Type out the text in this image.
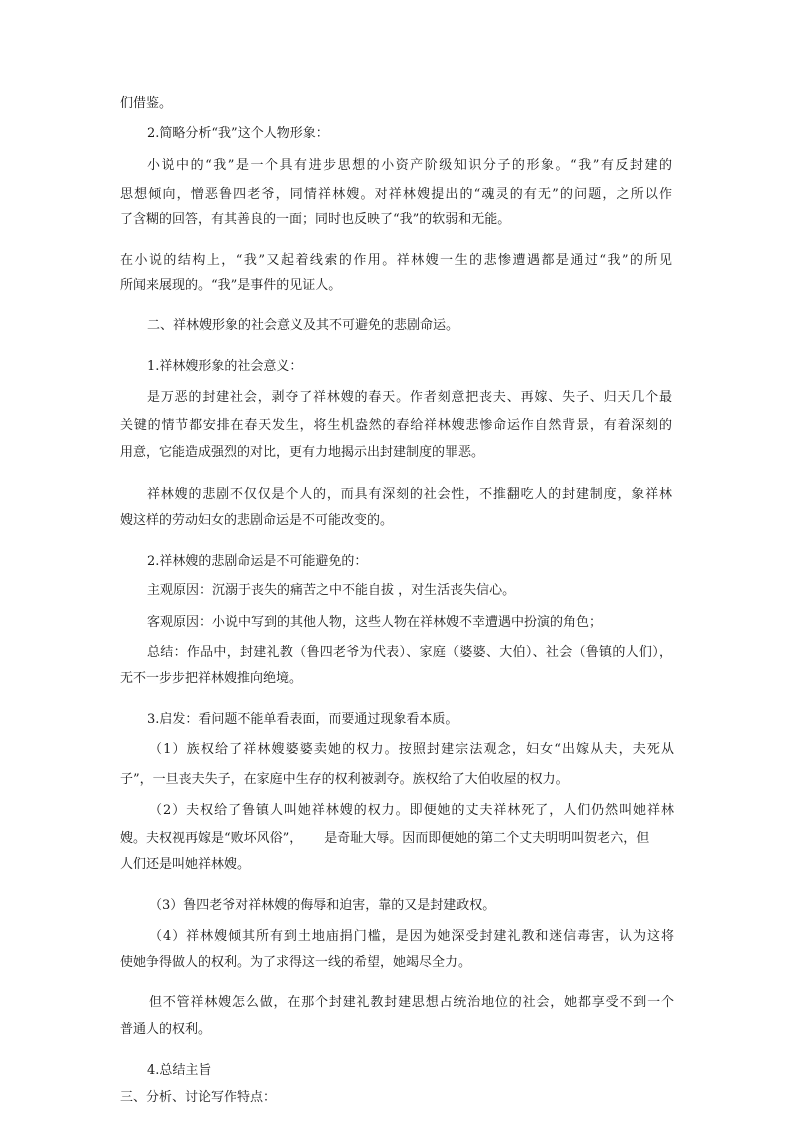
们借鉴。
2.简略分析“我”这个人物形象：
小说中的“我”是一个具有进步思想的小资产阶级知识分子的形象。“我”有反封建的
思想倾向，憎恶鲁四老爷，同情祥林嫂。对祥林嫂提出的“魂灵的有无”的问题，之所以作
了含糊的回答，有其善良的一面；同时也反映了“我”的软弱和无能。
在小说的结构上，“我”又起着线索的作用。祥林嫂一生的悲惨遭遇都是通过“我”的所见
所闻来展现的。“我”是事件的见证人。
二、祥林嫂形象的社会意义及其不可避免的悲剧命运。
1.祥林嫂形象的社会意义：
是万恶的封建社会，剥夺了祥林嫂的春天。作者刻意把丧夫、再嫁、失子、归天几个最
关键的情节都安排在春天发生，将生机盎然的春给祥林嫂悲惨命运作自然背景，有着深刻的
用意，它能造成强烈的对比，更有力地揭示出封建制度的罪恶。
祥林嫂的悲剧不仅仅是个人的，而具有深刻的社会性，不推翻吃人的封建制度，象祥林
嫂这样的劳动妇女的悲剧命运是不可能改变的。
2.祥林嫂的悲剧命运是不可能避免的：
主观原因：沉溺于丧失的痛苦之中不能自拔 ，对生活丧失信心。
客观原因：小说中写到的其他人物，这些人物在祥林嫂不幸遭遇中扮演的角色；
总结：作品中，封建礼教（鲁四老爷为代表）、家庭（婆婆、大伯）、社会（鲁镇的人们），
无不一步步把祥林嫂推向绝境。
3.启发：看问题不能单看表面，而要通过现象看本质。
（1）族权给了祥林嫂婆婆卖她的权力。按照封建宗法观念，妇女“出嫁从夫，夫死从
子”，一旦丧夫失子，在家庭中生存的权利被剥夺。族权给了大伯收屋的权力。
（2）夫权给了鲁镇人叫她祥林嫂的权力。即便她的丈夫祥林死了，人们仍然叫她祥林
嫂。夫权视再嫁是“败坏风俗”， 是奇耻大辱。因而即便她的第二个丈夫明明叫贺老六，但
人们还是叫她祥林嫂。
（3）鲁四老爷对祥林嫂的侮辱和迫害，靠的又是封建政权。
（4）祥林嫂倾其所有到土地庙捐门槛，是因为她深受封建礼教和迷信毒害，认为这将
使她争得做人的权利。为了求得这一线的希望，她竭尽全力。
但不管祥林嫂怎么做，在那个封建礼教封建思想占统治地位的社会，她都享受不到一个
普通人的权利。
4.总结主旨
三、分析、讨论写作特点：
